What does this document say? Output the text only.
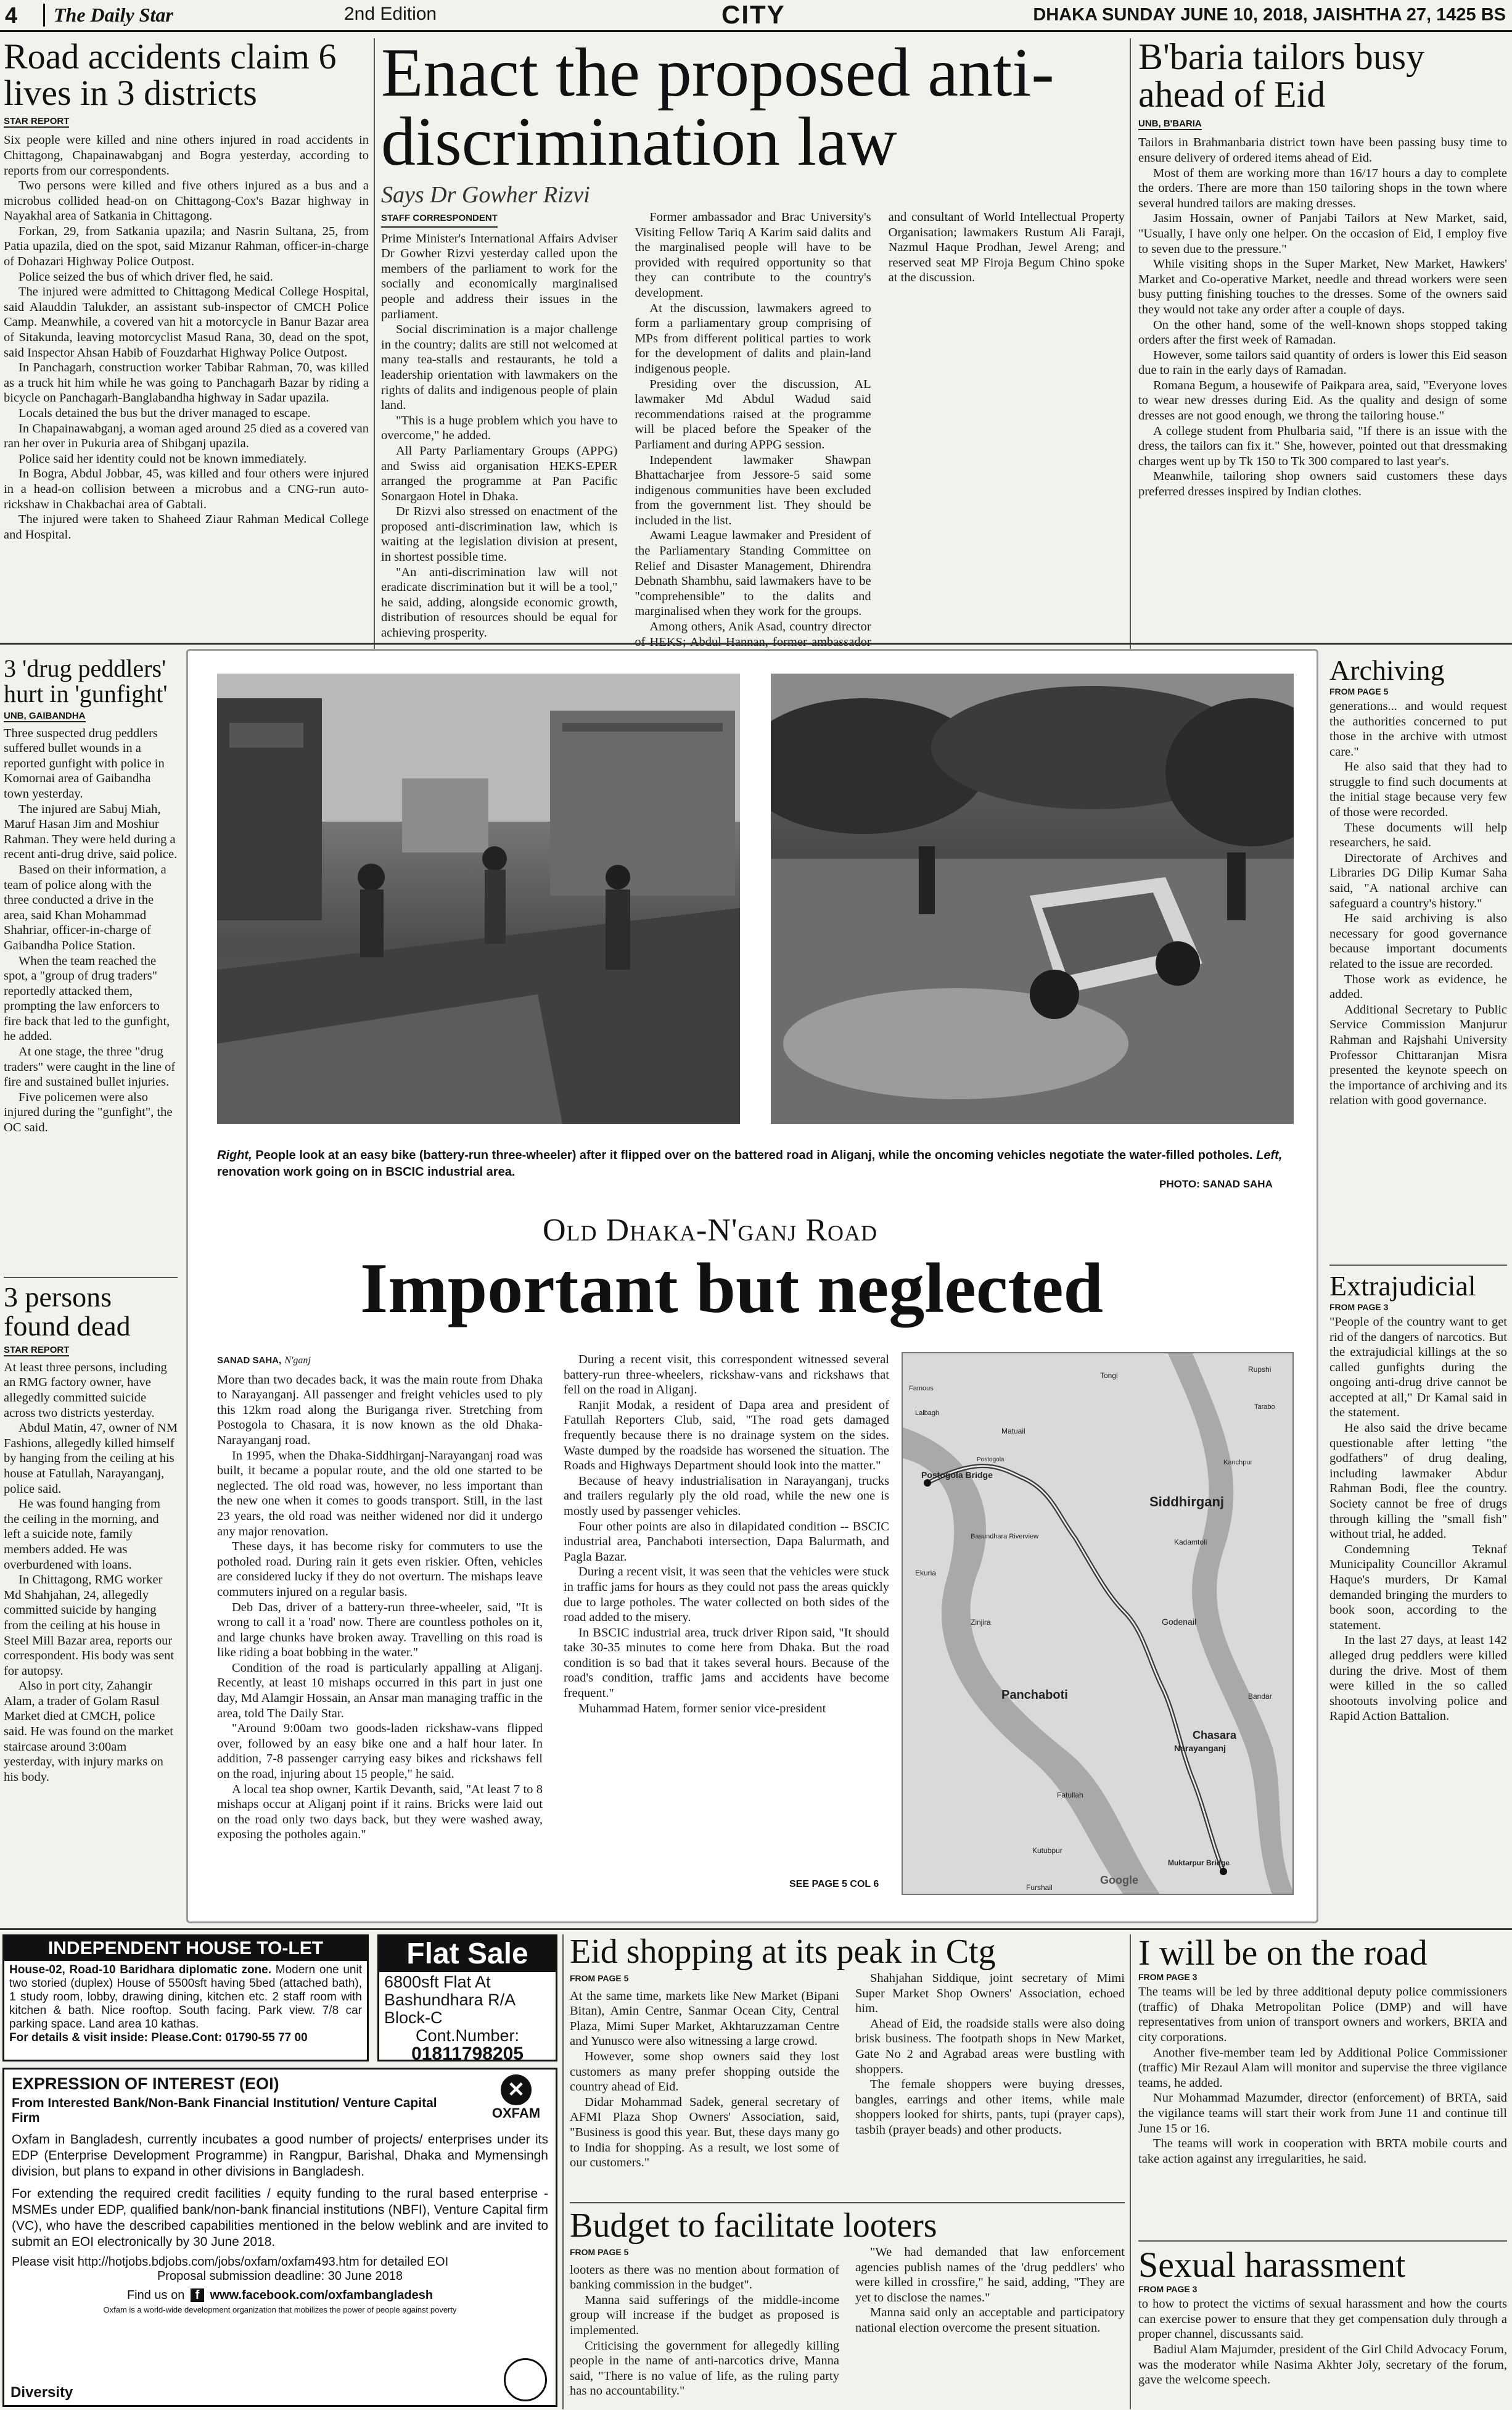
4	The Daily Star	2nd Edition	CITY	DHAKA SUNDAY JUNE 10, 2018, JAISHTHA 27, 1425 BS
Road accidents claim 6 lives in 3 districts
STAR REPORT

Six people were killed and nine others injured in road accidents in Chittagong, Chapainawabganj and Bogra yesterday, according to reports from our correspondents.

Two persons were killed and five others injured as a bus and a microbus collided head-on on Chittagong-Cox's Bazar highway in Nayakhal area of Satkania in Chittagong.

Forkan, 29, from Satkania upazila; and Nasrin Sultana, 25, from Patia upazila, died on the spot, said Mizanur Rahman, officer-in-charge of Dohazari Highway Police Outpost.

Police seized the bus of which driver fled, he said.

The injured were admitted to Chittagong Medical College Hospital, said Alauddin Talukder, an assistant sub-inspector of CMCH Police Camp. Meanwhile, a covered van hit a motorcycle in Banur Bazar area of Sitakunda, leaving motorcyclist Masud Rana, 30, dead on the spot, said Inspector Ahsan Habib of Fouzdarhat Highway Police Outpost.

In Panchagarh, construction worker Tabibar Rahman, 70, was killed as a truck hit him while he was going to Panchagarh Bazar by riding a bicycle on Panchagarh-Banglabandha highway in Sadar upazila.

Locals detained the bus but the driver managed to escape.

In Chapainawabganj, a woman aged around 25 died as a covered van ran her over in Pukuria area of Shibganj upazila.

Police said her identity could not be known immediately.

In Bogra, Abdul Jobbar, 45, was killed and four others were injured in a head-on collision between a microbus and a CNG-run auto-rickshaw in Chakbachai area of Gabtali.

The injured were taken to Shaheed Ziaur Rahman Medical College and Hospital.

Enact the proposed anti-discrimination law
Says Dr Gowher Rizvi
STAFF CORRESPONDENT

Prime Minister's International Affairs Adviser Dr Gowher Rizvi yesterday called upon the members of the parliament to work for the socially and economically marginalised people and address their issues in the parliament.

Social discrimination is a major challenge in the country; dalits are still not welcomed at many tea-stalls and restaurants, he told a leadership orientation with lawmakers on the rights of dalits and indigenous people of plain land.

"This is a huge problem which you have to overcome," he added.

All Party Parliamentary Groups (APPG) and Swiss aid organisation HEKS-EPER arranged the programme at Pan Pacific Sonargaon Hotel in Dhaka.

Dr Rizvi also stressed on enactment of the proposed anti-discrimination law, which is waiting at the legislation division at present, in shortest possible time.

"An anti-discrimination law will not eradicate discrimination but it will be a tool," he said, adding, alongside economic growth, distribution of resources should be equal for achieving prosperity.

Former ambassador and Brac University's Visiting Fellow Tariq A Karim said dalits and the marginalised people will have to be provided with required opportunity so that they can contribute to the country's development.

At the discussion, lawmakers agreed to form a parliamentary group comprising of MPs from different political parties to work for the development of dalits and plain-land indigenous people.

Presiding over the discussion, AL lawmaker Md Abdul Wadud said recommendations raised at the programme will be placed before the Speaker of the Parliament and during APPG session.

Independent lawmaker Shawpan Bhattacharjee from Jessore-5 said some indigenous communities have been excluded from the government list. They should be included in the list.

Awami League lawmaker and President of the Parliamentary Standing Committee on Relief and Disaster Management, Dhirendra Debnath Shambhu, said lawmakers have to be "comprehensible" to the dalits and marginalised when they work for the groups.

Among others, Anik Asad, country director of HEKS; Abdul Hannan, former ambassador and consultant of World Intellectual Property Organisation; lawmakers Rustum Ali Faraji, Nazmul Haque Prodhan, Jewel Areng; and reserved seat MP Firoja Begum Chino spoke at the discussion.

B'baria tailors busy ahead of Eid
UNB, B'BARIA

Tailors in Brahmanbaria district town have been passing busy time to ensure delivery of ordered items ahead of Eid.

Most of them are working more than 16/17 hours a day to complete the orders. There are more than 150 tailoring shops in the town where several hundred tailors are making dresses.

Jasim Hossain, owner of Panjabi Tailors at New Market, said, "Usually, I have only one helper. On the occasion of Eid, I employ five to seven due to the pressure."

While visiting shops in the Super Market, New Market, Hawkers' Market and Co-operative Market, needle and thread workers were seen busy putting finishing touches to the dresses. Some of the owners said they would not take any order after a couple of days.

On the other hand, some of the well-known shops stopped taking orders after the first week of Ramadan.

However, some tailors said quantity of orders is lower this Eid season due to rain in the early days of Ramadan.

Romana Begum, a housewife of Paikpara area, said, "Everyone loves to wear new dresses during Eid. As the quality and design of some dresses are not good enough, we throng the tailoring house."

A college student from Phulbaria said, "If there is an issue with the dress, the tailors can fix it." She, however, pointed out that dressmaking charges went up by Tk 150 to Tk 300 compared to last year's.

Meanwhile, tailoring shop owners said customers these days preferred dresses inspired by Indian clothes.

3 'drug peddlers' hurt in 'gunfight'
UNB, GAIBANDHA

Three suspected drug peddlers suffered bullet wounds in a reported gunfight with police in Komornai area of Gaibandha town yesterday.

The injured are Sabuj Miah, Maruf Hasan Jim and Moshiur Rahman. They were held during a recent anti-drug drive, said police.

Based on their information, a team of police along with the three conducted a drive in the area, said Khan Mohammad Shahriar, officer-in-charge of Gaibandha Police Station.

When the team reached the spot, a "group of drug traders" reportedly attacked them, prompting the law enforcers to fire back that led to the gunfight, he added.

At one stage, the three "drug traders" were caught in the line of fire and sustained bullet injuries.

Five policemen were also injured during the "gunfight", the OC said.

3 persons found dead
STAR REPORT

At least three persons, including an RMG factory owner, have allegedly committed suicide across two districts yesterday.

Abdul Matin, 47, owner of NM Fashions, allegedly killed himself by hanging from the ceiling at his house at Fatullah, Narayanganj, police said.

He was found hanging from the ceiling in the morning, and left a suicide note, family members added. He was overburdened with loans.

In Chittagong, RMG worker Md Shahjahan, 24, allegedly committed suicide by hanging from the ceiling at his house in Steel Mill Bazar area, reports our correspondent. His body was sent for autopsy.

Also in port city, Zahangir Alam, a trader of Golam Rasul Market died at CMCH, police said. He was found on the market staircase around 3:00am yesterday, with injury marks on his body.

Right, People look at an easy bike (battery-run three-wheeler) after it flipped over on the battered road in Aliganj, while the oncoming vehicles negotiate the water-filled potholes. Left, renovation work going on in BSCIC industrial area.
PHOTO: SANAD SAHA
Old Dhaka-N'ganj Road
Important but neglected
SANAD SAHA, N'ganj

More than two decades back, it was the main route from Dhaka to Narayanganj. All passenger and freight vehicles used to ply this 12km road along the Buriganga river. Stretching from Postogola to Chasara, it is now known as the old Dhaka-Narayanganj road.

In 1995, when the Dhaka-Siddhirganj-Narayanganj road was built, it became a popular route, and the old one started to be neglected. The old road was, however, no less important than the new one when it comes to goods transport. Still, in the last 23 years, the old road was neither widened nor did it undergo any major renovation.

These days, it has become risky for commuters to use the potholed road. During rain it gets even riskier. Often, vehicles are considered lucky if they do not overturn. The mishaps leave commuters injured on a regular basis.

Deb Das, driver of a battery-run three-wheeler, said, "It is wrong to call it a 'road' now. There are countless potholes on it, and large chunks have broken away. Travelling on this road is like riding a boat bobbing in the water."

Condition of the road is particularly appalling at Aliganj. Recently, at least 10 mishaps occurred in this part in just one day, Md Alamgir Hossain, an Ansar man managing traffic in the area, told The Daily Star.

"Around 9:00am two goods-laden rickshaw-vans flipped over, followed by an easy bike one and a half hour later. In addition, 7-8 passenger carrying easy bikes and rickshaws fell on the road, injuring about 15 people," he said.

A local tea shop owner, Kartik Devanth, said, "At least 7 to 8 mishaps occur at Aliganj point if it rains. Bricks were laid out on the road only two days back, but they were washed away, exposing the potholes again."

During a recent visit, this correspondent witnessed several battery-run three-wheelers, rickshaw-vans and rickshaws that fell on the road in Aliganj.

Ranjit Modak, a resident of Dapa area and president of Fatullah Reporters Club, said, "The road gets damaged frequently because there is no drainage system on the sides. Waste dumped by the roadside has worsened the situation. The Roads and Highways Department should look into the matter."

Because of heavy industrialisation in Narayanganj, trucks and trailers regularly ply the old road, while the new one is mostly used by passenger vehicles.

Four other points are also in dilapidated condition -- BSCIC industrial area, Panchaboti intersection, Dapa Balurmath, and Pagla Bazar.

During a recent visit, it was seen that the vehicles were stuck in traffic jams for hours as they could not pass the areas quickly due to large potholes. The water collected on both sides of the road added to the misery.

In BSCIC industrial area, truck driver Ripon said, "It should take 30-35 minutes to come here from Dhaka. But the road condition is so bad that it takes several hours. Because of the road's condition, traffic jams and accidents have become frequent."

Muhammad Hatem, former senior vice-president

SEE PAGE 5 COL 6
Postogola Bridge
Siddhirganj
Panchaboti
Chasara
Narayanganj
Muktarpur Bridge
Tongi
Rupshi
Matuail
Kadamtoli
Godenail
Bandar
Fatullah
Basundhara Riverview
Zinjira
Ekuria
Postogola
Kutubpur
Famous
Furshail
Lalbagh
Tarabo
Kanchpur
Google
Archiving
FROM PAGE 5

generations... and would request the authorities concerned to put those in the archive with utmost care."

He also said that they had to struggle to find such documents at the initial stage because very few of those were recorded.

These documents will help researchers, he said.

Directorate of Archives and Libraries DG Dilip Kumar Saha said, "A national archive can safeguard a country's history."

He said archiving is also necessary for good governance because important documents related to the issue are recorded.

Those work as evidence, he added.

Additional Secretary to Public Service Commission Manjurur Rahman and Rajshahi University Professor Chittaranjan Misra presented the keynote speech on the importance of archiving and its relation with good governance.

Extrajudicial
FROM PAGE 3

"People of the country want to get rid of the dangers of narcotics. But the extrajudicial killings at the so called gunfights during the ongoing anti-drug drive cannot be accepted at all," Dr Kamal said in the statement.

He also said the drive became questionable after letting "the godfathers" of drug dealing, including lawmaker Abdur Rahman Bodi, flee the country. Society cannot be free of drugs through killing the "small fish" without trial, he added.

Condemning Teknaf Municipality Councillor Akramul Haque's murders, Dr Kamal demanded bringing the murders to book soon, according to the statement.

In the last 27 days, at least 142 alleged drug peddlers were killed during the drive. Most of them were killed in the so called shootouts involving police and Rapid Action Battalion.

INDEPENDENT HOUSE TO-LET
House-02, Road-10 Baridhara diplomatic zone. Modern one unit two storied (duplex) House of 5500sft having 5bed (attached bath), 1 study room, lobby, drawing dining, kitchen etc. 2 staff room with kitchen & bath. Nice rooftop. South facing. Park view. 7/8 car parking space. Land area 10 kathas.
For details & visit inside: Please.Cont: 01790-55 77 00
Flat Sale
6800sft Flat At
Bashundhara R/A
Block-C
Cont.Number:
01811798205
EXPRESSION OF INTEREST (EOI)
From Interested Bank/Non-Bank Financial Institution/ Venture Capital Firm
✕
OXFAM
Oxfam in Bangladesh, currently incubates a good number of projects/ enterprises under its EDP (Enterprise Development Programme) in Rangpur, Barishal, Dhaka and Mymensingh division, but plans to expand in other divisions in Bangladesh.
For extending the required credit facilities / equity funding to the rural based enterprise -MSMEs under EDP, qualified bank/non-bank financial institutions (NBFI), Venture Capital firm (VC), who have the described capabilities mentioned in the below weblink and are invited to submit an EOI electronically by 30 June 2018.
Please visit http://hotjobs.bdjobs.com/jobs/oxfam/oxfam493.htm for detailed EOI
Proposal submission deadline: 30 June 2018
Find us on f www.facebook.com/oxfambangladesh
Oxfam is a world-wide development organization that mobilizes the power of people against poverty
Diversity
Eid shopping at its peak in Ctg
FROM PAGE 5

At the same time, markets like New Market (Bipani Bitan), Amin Centre, Sanmar Ocean City, Central Plaza, Mimi Super Market, Akhtaruzzaman Centre and Yunusco were also witnessing a large crowd.

However, some shop owners said they lost customers as many prefer shopping outside the country ahead of Eid.

Didar Mohammad Sadek, general secretary of AFMI Plaza Shop Owners' Association, said, "Business is good this year. But, these days many go to India for shopping. As a result, we lost some of our customers."

Shahjahan Siddique, joint secretary of Mimi Super Market Shop Owners' Association, echoed him.

Ahead of Eid, the roadside stalls were also doing brisk business. The footpath shops in New Market, Gate No 2 and Agrabad areas were bustling with shoppers.

The female shoppers were buying dresses, bangles, earrings and other items, while male shoppers looked for shirts, pants, tupi (prayer caps), tasbih (prayer beads) and other products.

Budget to facilitate looters
FROM PAGE 5

looters as there was no mention about formation of banking commission in the budget".

Manna said sufferings of the middle-income group will increase if the budget as proposed is implemented.

Criticising the government for allegedly killing people in the name of anti-narcotics drive, Manna said, "There is no value of life, as the ruling party has no accountability."

"We had demanded that law enforcement agencies publish names of the 'drug peddlers' who were killed in crossfire," he said, adding, "They are yet to disclose the names."

Manna said only an acceptable and participatory national election overcome the present situation.

I will be on the road
FROM PAGE 3

The teams will be led by three additional deputy police commissioners (traffic) of Dhaka Metropolitan Police (DMP) and will have representatives from union of transport owners and workers, BRTA and city corporations.

Another five-member team led by Additional Police Commissioner (traffic) Mir Rezaul Alam will monitor and supervise the three vigilance teams, he added.

Nur Mohammad Mazumder, director (enforcement) of BRTA, said the vigilance teams will start their work from June 11 and continue till June 15 or 16.

The teams will work in cooperation with BRTA mobile courts and take action against any irregularities, he said.

Sexual harassment
FROM PAGE 3

to how to protect the victims of sexual harassment and how the courts can exercise power to ensure that they get compensation duly through a proper channel, discussants said.

Badiul Alam Majumder, president of the Girl Child Advocacy Forum, was the moderator while Nasima Akhter Joly, secretary of the forum, gave the welcome speech.
